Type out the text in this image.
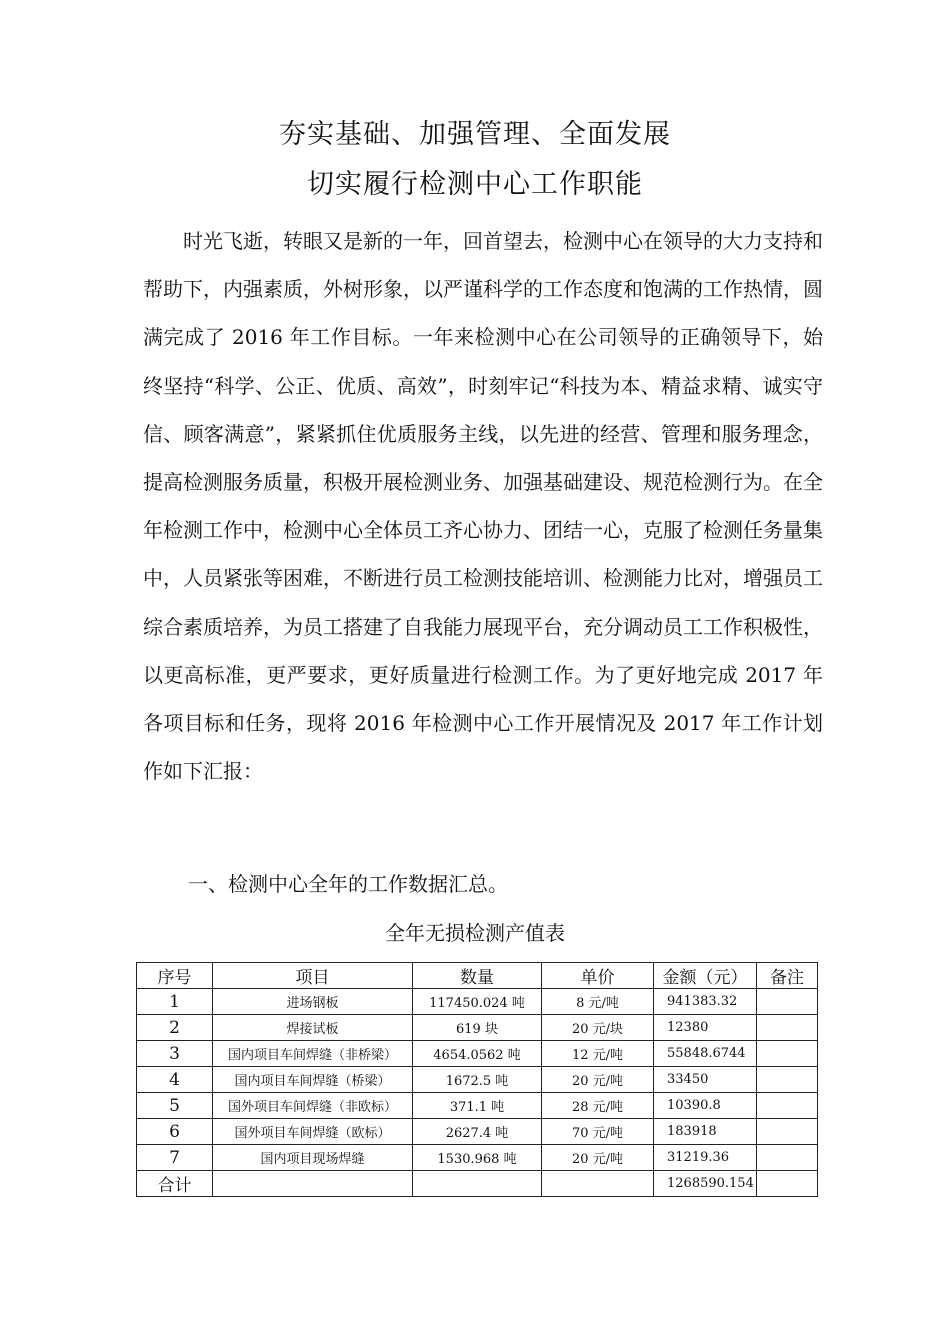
夯实基础、加强管理、全面发展
切实履行检测中心工作职能

时光飞逝，转眼又是新的一年，回首望去，检测中心在领导的大力支持和帮助下，内强素质，外树形象，以严谨科学的工作态度和饱满的工作热情，圆满完成了 2016 年工作目标。一年来检测中心在公司领导的正确领导下，始终坚持“科学、公正、优质、高效”，时刻牢记“科技为本、精益求精、诚实守信、顾客满意”，紧紧抓住优质服务主线，以先进的经营、管理和服务理念，提高检测服务质量，积极开展检测业务、加强基础建设、规范检测行为。在全年检测工作中，检测中心全体员工齐心协力、团结一心，克服了检测任务量集中，人员紧张等困难，不断进行员工检测技能培训、检测能力比对，增强员工综合素质培养，为员工搭建了自我能力展现平台，充分调动员工工作积极性，以更高标准，更严要求，更好质量进行检测工作。为了更好地完成 2017 年各项目标和任务，现将 2016 年检测中心工作开展情况及 2017 年工作计划作如下汇报：

一、检测中心全年的工作数据汇总。
全年无损检测产值表
序号	项目	数量	单价	金额（元）	备注
1	进场钢板	117450.024 吨	8 元/吨	941383.32	
2	焊接试板	619 块	20 元/块	12380	
3	国内项目车间焊缝（非桥梁）	4654.0562 吨	12 元/吨	55848.6744	
4	国内项目车间焊缝（桥梁）	1672.5 吨	20 元/吨	33450	
5	国外项目车间焊缝（非欧标）	371.1 吨	28 元/吨	10390.8	
6	国外项目车间焊缝（欧标）	2627.4 吨	70 元/吨	183918	
7	国内项目现场焊缝	1530.968 吨	20 元/吨	31219.36	
合计				1268590.154	
